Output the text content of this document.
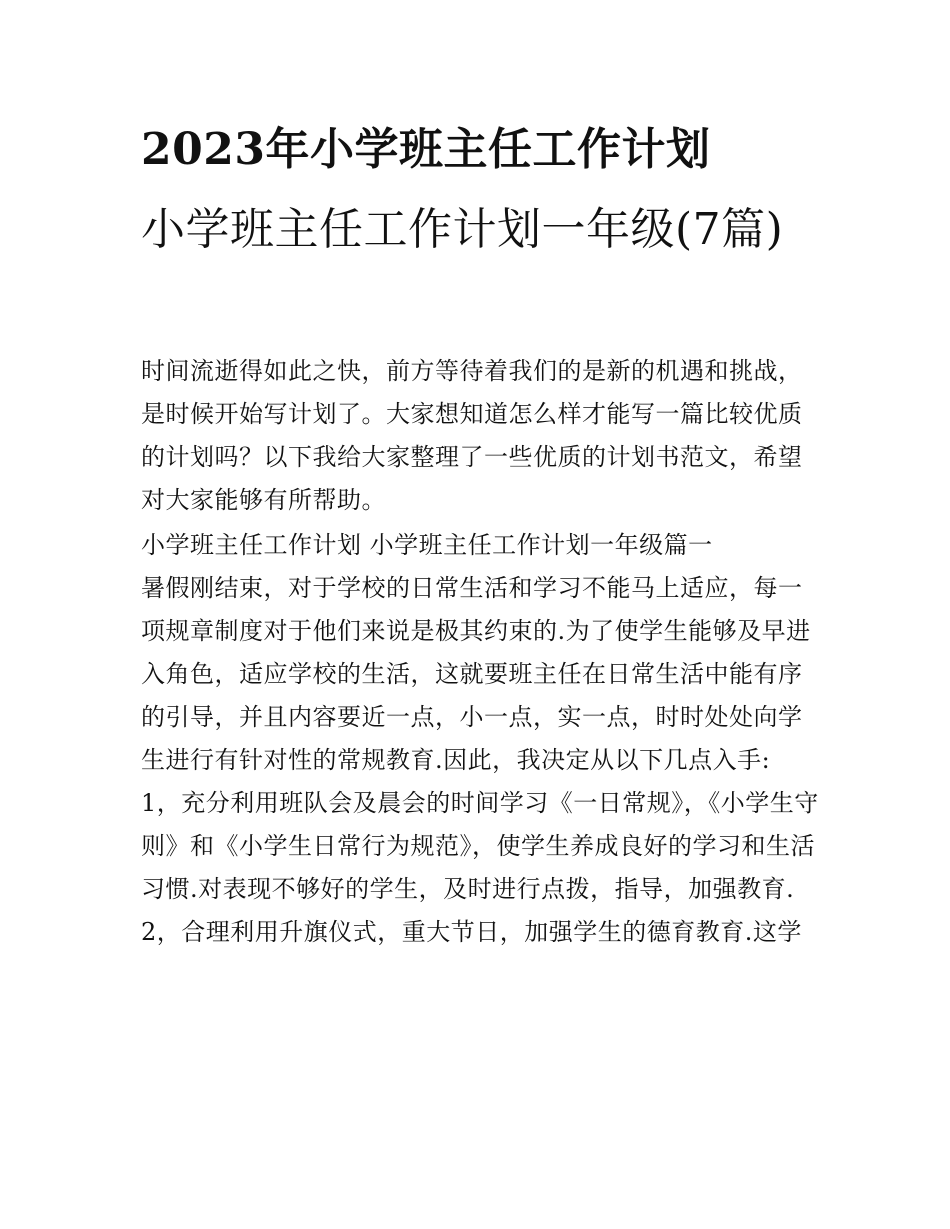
2023年小学班主任工作计划
小学班主任工作计划一年级(7篇)

时间流逝得如此之快，前方等待着我们的是新的机遇和挑战，是时候开始写计划了。大家想知道怎么样才能写一篇比较优质的计划吗？以下我给大家整理了一些优质的计划书范文，希望对大家能够有所帮助。

小学班主任工作计划 小学班主任工作计划一年级篇一

暑假刚结束，对于学校的日常生活和学习不能马上适应，每一项规章制度对于他们来说是极其约束的.为了使学生能够及早进入角色，适应学校的生活，这就要班主任在日常生活中能有序的引导，并且内容要近一点，小一点，实一点，时时处处向学生进行有针对性的常规教育.因此，我决定从以下几点入手:

1，充分利用班队会及晨会的时间学习《一日常规》，《小学生守则》和《小学生日常行为规范》，使学生养成良好的学习和生活习惯.对表现不够好的学生，及时进行点拨，指导，加强教育.

2，合理利用升旗仪式，重大节日，加强学生的德育教育.这学
